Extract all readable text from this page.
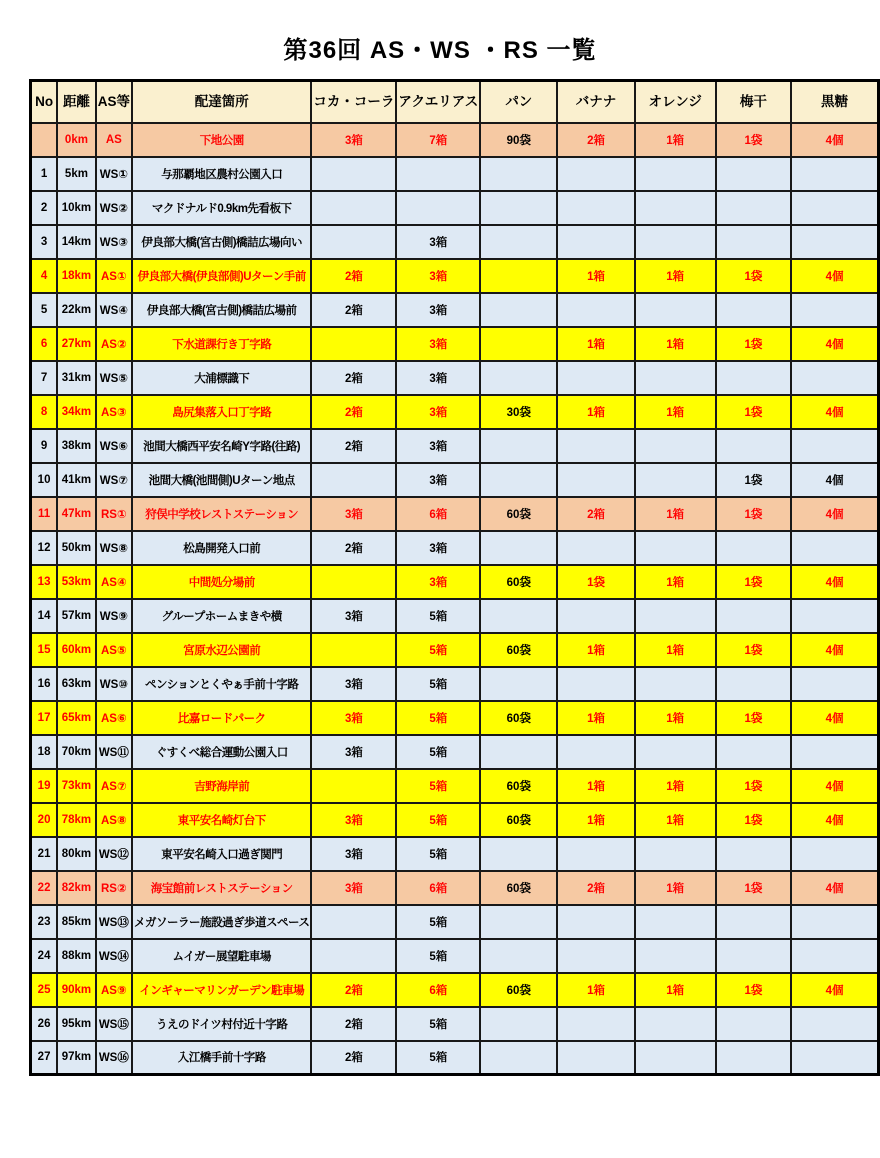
第36回 AS・WS ・RS 一覧
No	距離	AS等	配達箇所	コカ・コーラ	アクエリアス	パン	バナナ	オレンジ	梅干	黒糖
	0km	AS	下地公園	3箱	7箱	90袋	2箱	1箱	1袋	4個
1	5km	WS①	与那覇地区農村公園入口							
2	10km	WS②	マクドナルド0.9km先看板下							
3	14km	WS③	伊良部大橋(宮古側)橋詰広場向い		3箱					
4	18km	AS①	伊良部大橋(伊良部側)Uターン手前	2箱	3箱		1箱	1箱	1袋	4個
5	22km	WS④	伊良部大橋(宮古側)橋詰広場前	2箱	3箱					
6	27km	AS②	下水道課行き丁字路		3箱		1箱	1箱	1袋	4個
7	31km	WS⑤	大浦標識下	2箱	3箱					
8	34km	AS③	島尻集落入口丁字路	2箱	3箱	30袋	1箱	1箱	1袋	4個
9	38km	WS⑥	池間大橋西平安名崎Y字路(往路)	2箱	3箱					
10	41km	WS⑦	池間大橋(池間側)Uターン地点		3箱				1袋	4個
11	47km	RS①	狩俣中学校レストステーション	3箱	6箱	60袋	2箱	1箱	1袋	4個
12	50km	WS⑧	松島開発入口前	2箱	3箱					
13	53km	AS④	中間処分場前		3箱	60袋	1袋	1箱	1袋	4個
14	57km	WS⑨	グループホームまきや横	3箱	5箱					
15	60km	AS⑤	宮原水辺公園前		5箱	60袋	1箱	1箱	1袋	4個
16	63km	WS⑩	ペンションとくやぁ手前十字路	3箱	5箱					
17	65km	AS⑥	比嘉ロードパーク	3箱	5箱	60袋	1箱	1箱	1袋	4個
18	70km	WS⑪	ぐすくべ総合運動公園入口	3箱	5箱					
19	73km	AS⑦	吉野海岸前		5箱	60袋	1箱	1箱	1袋	4個
20	78km	AS⑧	東平安名崎灯台下	3箱	5箱	60袋	1箱	1箱	1袋	4個
21	80km	WS⑫	東平安名崎入口過ぎ関門	3箱	5箱					
22	82km	RS②	海宝館前レストステーション	3箱	6箱	60袋	2箱	1箱	1袋	4個
23	85km	WS⑬	メガソーラー施設過ぎ歩道スペース		5箱					
24	88km	WS⑭	ムイガー展望駐車場		5箱					
25	90km	AS⑨	インギャーマリンガーデン駐車場	2箱	6箱	60袋	1箱	1箱	1袋	4個
26	95km	WS⑮	うえのドイツ村付近十字路	2箱	5箱					
27	97km	WS⑯	入江橋手前十字路	2箱	5箱					
